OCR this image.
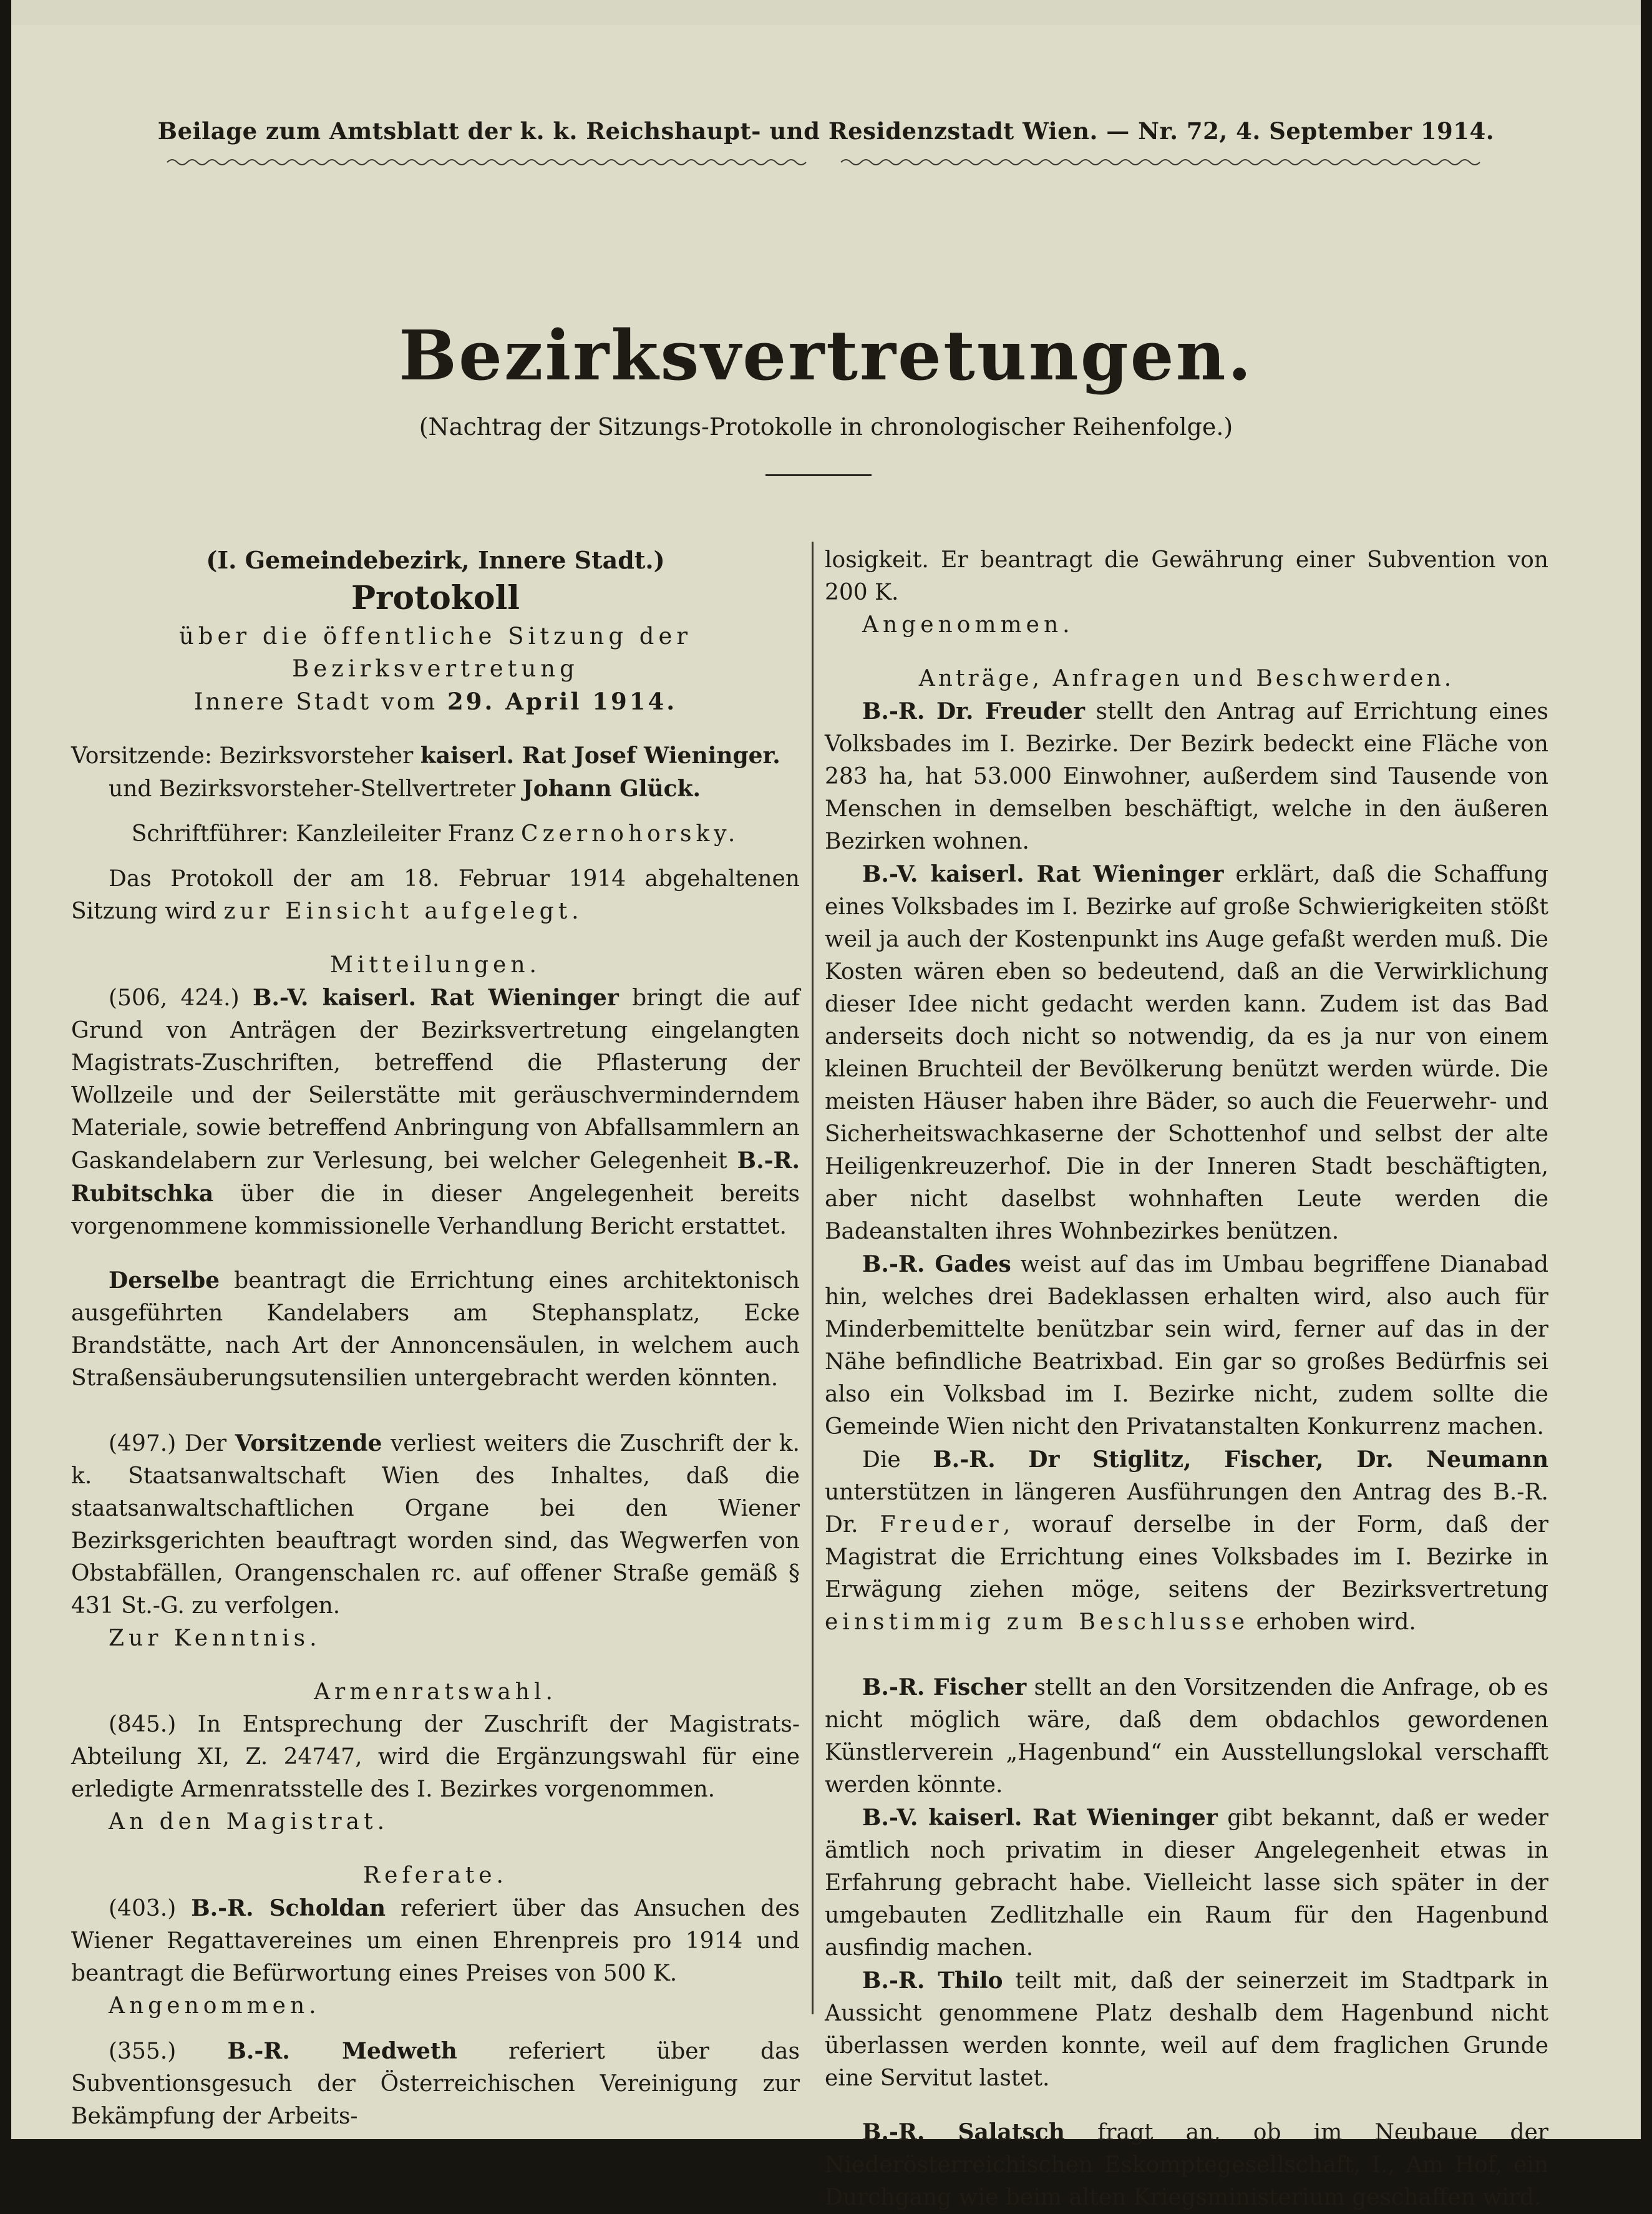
Beilage zum Amtsblatt der k. k. Reichshaupt- und Residenzstadt Wien. — Nr. 72, 4. September 1914.
Bezirksvertretungen.
(Nachtrag der Sitzungs-Protokolle in chronologischer Reihenfolge.)

(I. Gemeindebezirk, Innere Stadt.)

Protokoll

über die öffentliche Sitzung der Bezirksvertretung

Innere Stadt vom 29. April 1914.

Vorsitzende: Bezirksvorsteher kaiserl. Rat Josef Wieninger.

und Bezirksvorsteher-Stellvertreter Johann Glück.

Schriftführer: Kanzleileiter Franz Czernohorsky.

Das Protokoll der am 18. Februar 1914 abgehaltenen Sitzung wird zur Einsicht aufgelegt.

Mitteilungen.

(506, 424.) B.-V. kaiserl. Rat Wieninger bringt die auf Grund von Anträgen der Bezirksvertretung eingelangten Magistrats-Zuschriften, betreffend die Pflasterung der Wollzeile und der Seilerstätte mit geräuschverminderndem Materiale, sowie betreffend Anbringung von Abfallsammlern an Gaskandelabern zur Verlesung, bei welcher Gelegenheit B.-R. Rubitschka über die in dieser Angelegenheit bereits vorgenommene kommissionelle Verhandlung Bericht erstattet.

Derselbe beantragt die Errichtung eines architektonisch ausgeführten Kandelabers am Stephansplatz, Ecke Brandstätte, nach Art der Annoncensäulen, in welchem auch Straßensäuberungsutensilien untergebracht werden könnten.

(497.) Der Vorsitzende verliest weiters die Zuschrift der k. k. Staatsanwaltschaft Wien des Inhaltes, daß die staatsanwaltschaftlichen Organe bei den Wiener Bezirksgerichten beauftragt worden sind, das Wegwerfen von Obstabfällen, Orangenschalen rc. auf offener Straße gemäß § 431 St.-G. zu verfolgen.

Zur Kenntnis.

Armenratswahl.

(845.) In Entsprechung der Zuschrift der Magistrats-Abteilung XI, Z. 24747, wird die Ergänzungswahl für eine erledigte Armenratsstelle des I. Bezirkes vorgenommen.

An den Magistrat.

Referate.

(403.) B.-R. Scholdan referiert über das Ansuchen des Wiener Regattavereines um einen Ehrenpreis pro 1914 und beantragt die Befürwortung eines Preises von 500 K.

Angenommen.

(355.) B.-R. Medweth referiert über das Subventionsgesuch der Österreichischen Vereinigung zur Bekämpfung der Arbeits-

losigkeit. Er beantragt die Gewährung einer Subvention von 200 K.

Angenommen.

Anträge, Anfragen und Beschwerden.

B.-R. Dr. Freuder stellt den Antrag auf Errichtung eines Volksbades im I. Bezirke. Der Bezirk bedeckt eine Fläche von 283 ha, hat 53.000 Einwohner, außerdem sind Tausende von Menschen in demselben beschäftigt, welche in den äußeren Bezirken wohnen.

B.-V. kaiserl. Rat Wieninger erklärt, daß die Schaffung eines Volksbades im I. Bezirke auf große Schwierigkeiten stößt weil ja auch der Kostenpunkt ins Auge gefaßt werden muß. Die Kosten wären eben so bedeutend, daß an die Verwirklichung dieser Idee nicht gedacht werden kann. Zudem ist das Bad anderseits doch nicht so notwendig, da es ja nur von einem kleinen Bruchteil der Bevölkerung benützt werden würde. Die meisten Häuser haben ihre Bäder, so auch die Feuerwehr- und Sicherheitswachkaserne der Schottenhof und selbst der alte Heiligenkreuzerhof. Die in der Inneren Stadt beschäftigten, aber nicht daselbst wohnhaften Leute werden die Badeanstalten ihres Wohnbezirkes benützen.

B.-R. Gades weist auf das im Umbau begriffene Dianabad hin, welches drei Badeklassen erhalten wird, also auch für Minderbemittelte benützbar sein wird, ferner auf das in der Nähe befindliche Beatrixbad. Ein gar so großes Bedürfnis sei also ein Volksbad im I. Bezirke nicht, zudem sollte die Gemeinde Wien nicht den Privatanstalten Konkurrenz machen.

Die B.-R. Dr Stiglitz, Fischer, Dr. Neumann unterstützen in längeren Ausführungen den Antrag des B.-R. Dr. Freuder, worauf derselbe in der Form, daß der Magistrat die Errichtung eines Volksbades im I. Bezirke in Erwägung ziehen möge, seitens der Bezirksvertretung einstimmig zum Beschlusse erhoben wird.

B.-R. Fischer stellt an den Vorsitzenden die Anfrage, ob es nicht möglich wäre, daß dem obdachlos gewordenen Künstlerverein „Hagenbund“ ein Ausstellungslokal verschafft werden könnte.

B.-V. kaiserl. Rat Wieninger gibt bekannt, daß er weder ämtlich noch privatim in dieser Angelegenheit etwas in Erfahrung gebracht habe. Vielleicht lasse sich später in der umgebauten Zedlitzhalle ein Raum für den Hagenbund ausfindig machen.

B.-R. Thilo teilt mit, daß der seinerzeit im Stadtpark in Aussicht genommene Platz deshalb dem Hagenbund nicht überlassen werden konnte, weil auf dem fraglichen Grunde eine Servitut lastet.

B.-R. Salatsch fragt an, ob im Neubaue der Niederösterreichischen Eskomptegesellschaft, I., Am Hof, ein Durchgang wie beim alten Kriegsministerium geschaffen wird.
